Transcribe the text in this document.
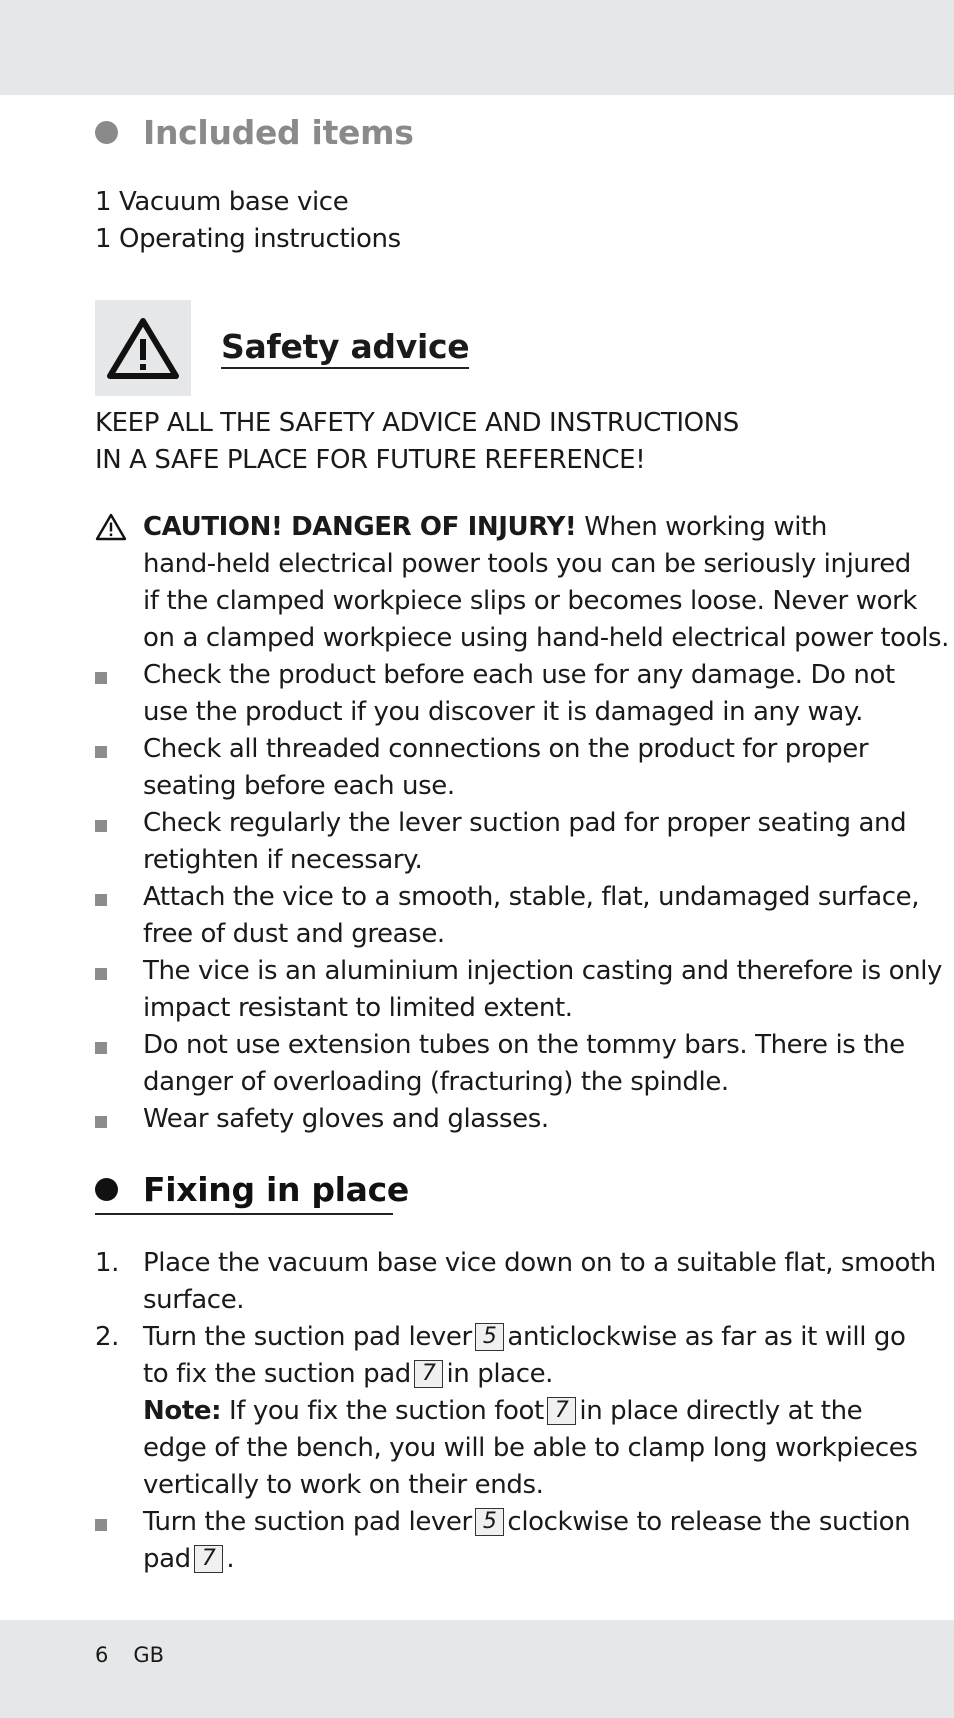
Included items
1 Vacuum base vice
1 Operating instructions
Safety advice
KEEP ALL THE SAFETY ADVICE AND INSTRUCTIONS
IN A SAFE PLACE FOR FUTURE REFERENCE!
CAUTION! DANGER OF INJURY! When working with
hand-held electrical power tools you can be seriously injured
if the clamped workpiece slips or becomes loose. Never work
on a clamped workpiece using hand-held electrical power tools.
Check the product before each use for any damage. Do not
use the product if you discover it is damaged in any way.
Check all threaded connections on the product for proper
seating before each use.
Check regularly the lever suction pad for proper seating and
retighten if necessary.
Attach the vice to a smooth, stable, flat, undamaged surface,
free of dust and grease.
The vice is an aluminium injection casting and therefore is only
impact resistant to limited extent.
Do not use extension tubes on the tommy bars. There is the
danger of overloading (fracturing) the spindle.
Wear safety gloves and glasses.
Fixing in place
1. Place the vacuum base vice down on to a suitable flat, smooth
surface.
2. Turn the suction pad lever 5 anticlockwise as far as it will go
to fix the suction pad 7 in place.
Note: If you fix the suction foot 7 in place directly at the
edge of the bench, you will be able to clamp long workpieces
vertically to work on their ends.
Turn the suction pad lever 5 clockwise to release the suction
pad 7 .
6 GB
